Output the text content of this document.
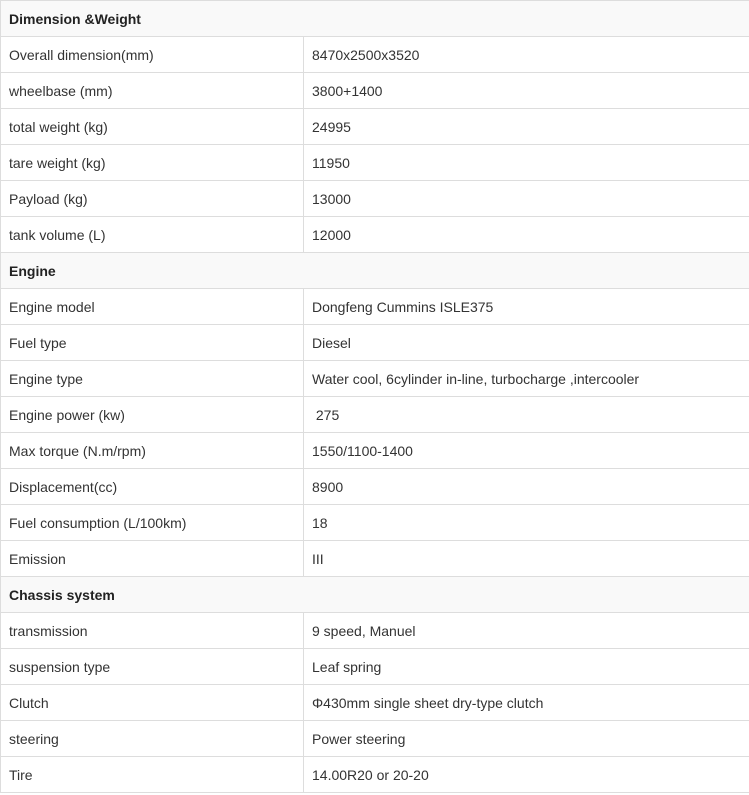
Dimension &Weight	
Overall dimension(mm)	8470x2500x3520
wheelbase (mm)	3800+1400
total weight (kg)	24995
tare weight (kg)	11950
Payload (kg)	13000
tank volume (L)	12000
Engine	
Engine model	Dongfeng Cummins ISLE375
Fuel type	Diesel
Engine type	Water cool, 6cylinder in-line, turbocharge ,intercooler
Engine power (kw)	275
Max torque (N.m/rpm)	1550/1100-1400
Displacement(cc)	8900
Fuel consumption (L/100km)	18
Emission	III
Chassis system	
transmission	9 speed, Manuel
suspension type	Leaf spring
Clutch	Φ430mm single sheet dry-type clutch
steering	Power steering
Tire	14.00R20 or 20-20
